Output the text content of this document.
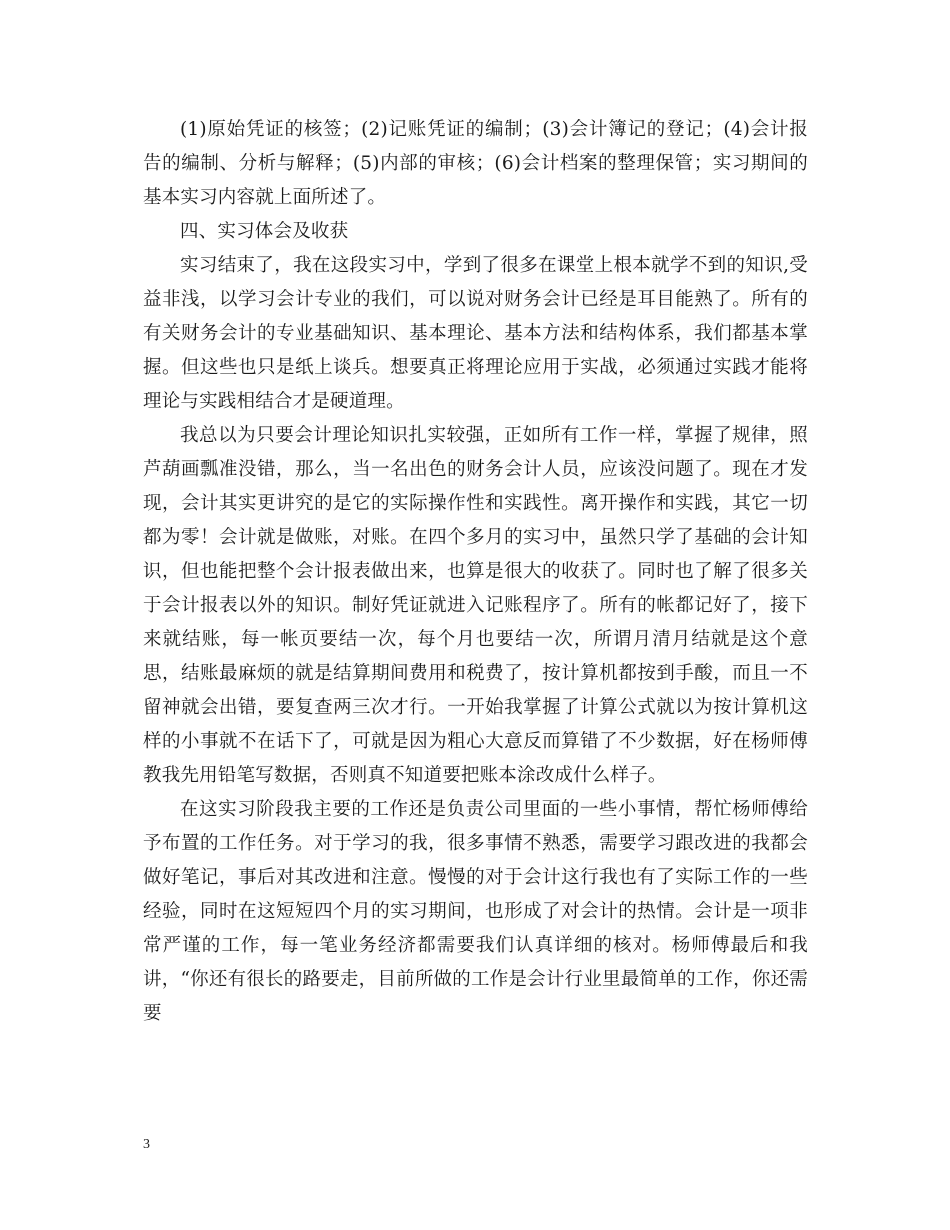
(1)原始凭证的核签；(2)记账凭证的编制；(3)会计簿记的登记；(4)会计报告的编制、分析与解释；(5)内部的审核；(6)会计档案的整理保管；实习期间的基本实习内容就上面所述了。

四、实习体会及收获

实习结束了，我在这段实习中，学到了很多在课堂上根本就学不到的知识,受益非浅，以学习会计专业的我们，可以说对财务会计已经是耳目能熟了。所有的有关财务会计的专业基础知识、基本理论、基本方法和结构体系，我们都基本掌握。但这些也只是纸上谈兵。想要真正将理论应用于实战，必须通过实践才能将理论与实践相结合才是硬道理。

我总以为只要会计理论知识扎实较强，正如所有工作一样，掌握了规律，照芦葫画瓢准没错，那么，当一名出色的财务会计人员，应该没问题了。现在才发现，会计其实更讲究的是它的实际操作性和实践性。离开操作和实践，其它一切都为零！会计就是做账，对账。在四个多月的实习中，虽然只学了基础的会计知识，但也能把整个会计报表做出来，也算是很大的收获了。同时也了解了很多关于会计报表以外的知识。制好凭证就进入记账程序了。所有的帐都记好了，接下来就结账，每一帐页要结一次，每个月也要结一次，所谓月清月结就是这个意思，结账最麻烦的就是结算期间费用和税费了，按计算机都按到手酸，而且一不留神就会出错，要复查两三次才行。一开始我掌握了计算公式就以为按计算机这样的小事就不在话下了，可就是因为粗心大意反而算错了不少数据，好在杨师傅教我先用铅笔写数据，否则真不知道要把账本涂改成什么样子。

在这实习阶段我主要的工作还是负责公司里面的一些小事情，帮忙杨师傅给予布置的工作任务。对于学习的我，很多事情不熟悉，需要学习跟改进的我都会做好笔记，事后对其改进和注意。慢慢的对于会计这行我也有了实际工作的一些经验，同时在这短短四个月的实习期间，也形成了对会计的热情。会计是一项非常严谨的工作，每一笔业务经济都需要我们认真详细的核对。杨师傅最后和我讲，“你还有很长的路要走，目前所做的工作是会计行业里最简单的工作，你还需要

3
